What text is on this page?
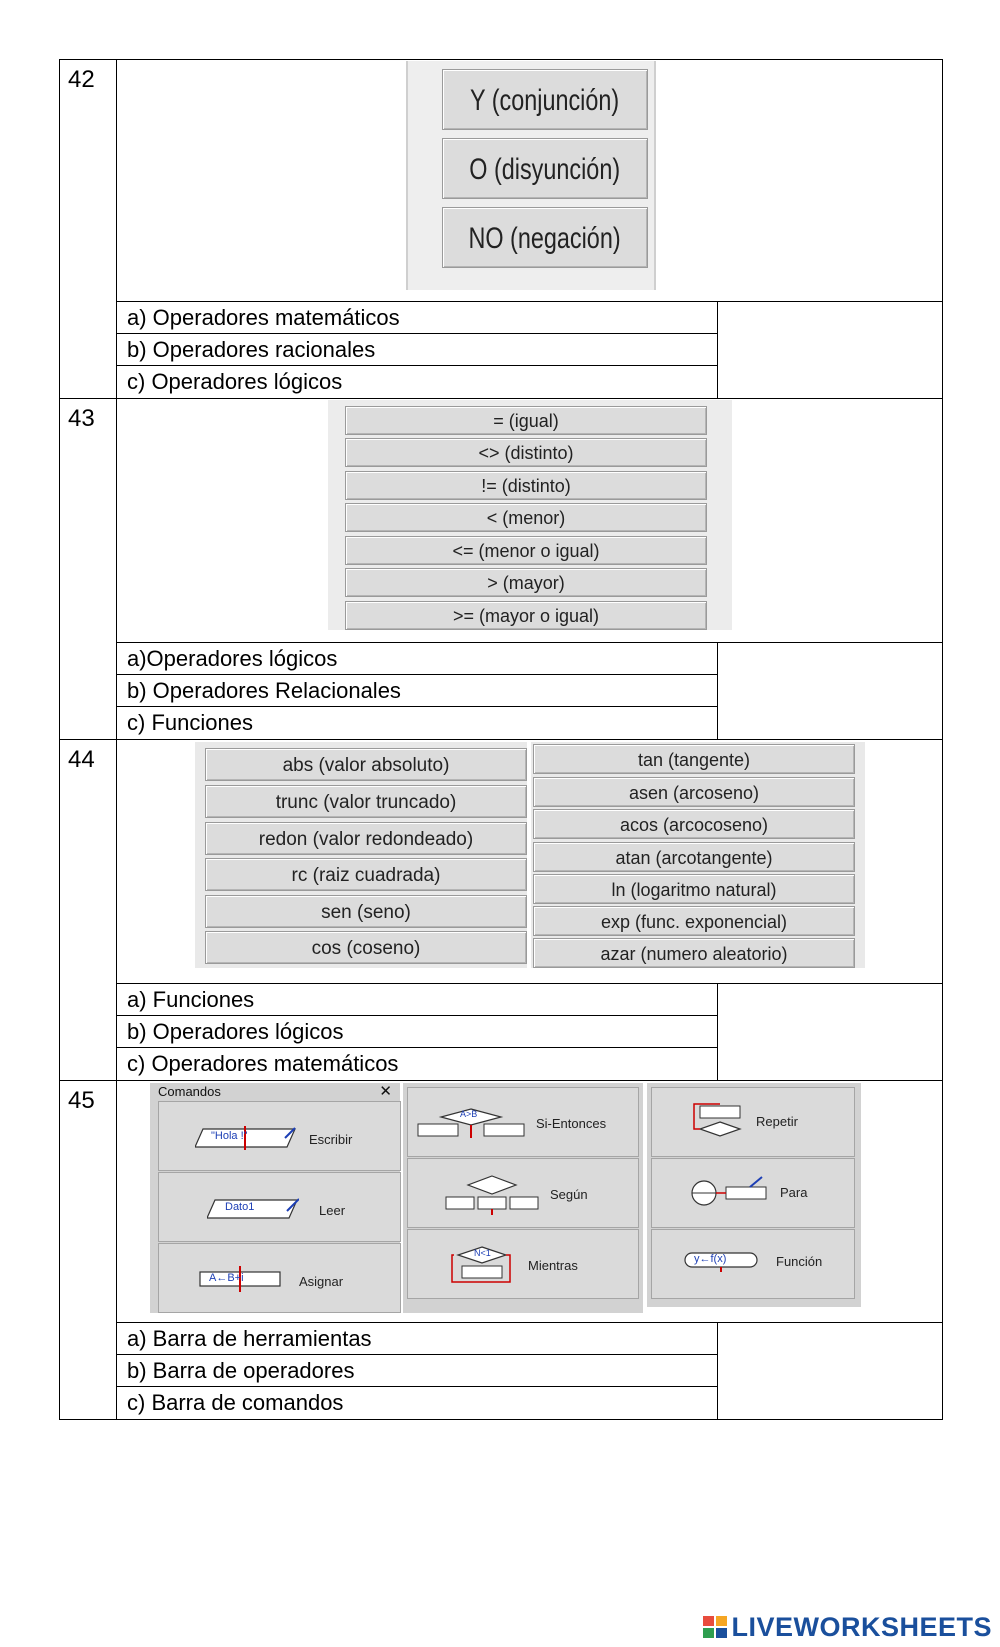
42
Y (conjunción)
O (disyunción)
NO (negación)
a) Operadores matemáticos
b) Operadores racionales
c) Operadores lógicos
43	= (igual)
<> (distinto)
!= (distinto)
< (menor)
<= (menor o igual)
> (mayor)
>= (mayor o igual)
a)Operadores lógicos
b) Operadores Relacionales
c) Funciones
44	abs (valor absoluto)
trunc (valor truncado)
redon (valor redondeado)
rc (raiz cuadrada)
sen (seno)
cos (coseno)
tan (tangente)
asen (arcoseno)
acos (arcocoseno)
atan (arcotangente)
ln (logaritmo natural)
exp (func. exponencial)
azar (numero aleatorio)
a) Funciones
b) Operadores lógicos
c) Operadores matemáticos
45	Comandos	✕
"Hola !"	Escribir
Dato1	Leer
A←B+i	Asignar
A>B
Si-Entonces
Según
N<1
Mientras
Repetir
Para
y←f(x)	Función
a) Barra de herramientas
b) Barra de operadores
c) Barra de comandos
LIVEWORKSHEETS
